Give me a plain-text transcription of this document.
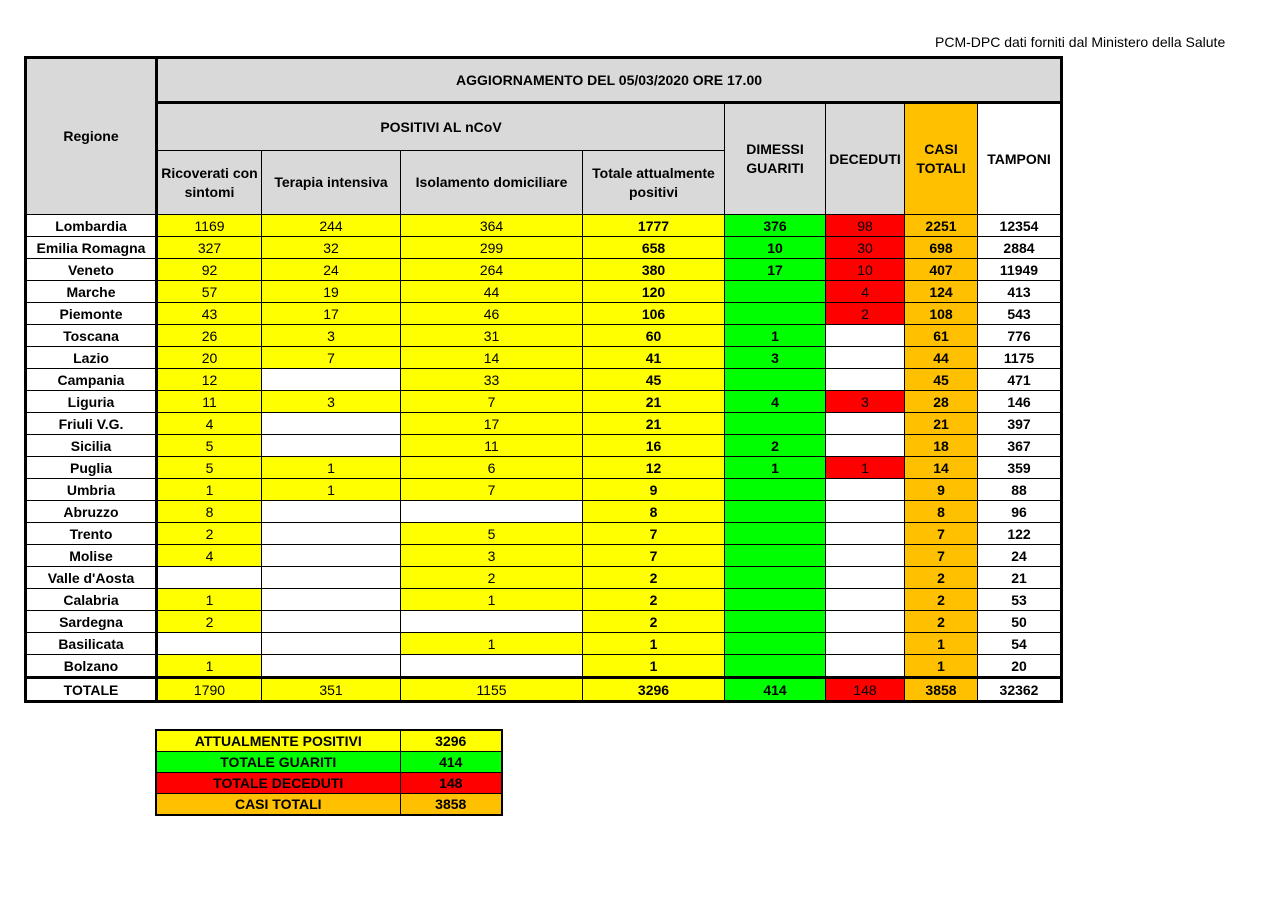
PCM-DPC dati forniti dal Ministero della Salute
Regione	AGGIORNAMENTO DEL 05/03/2020 ORE 17.00							
	POSITIVI AL nCoV				DIMESSI GUARITI	DECEDUTI	CASI TOTALI	TAMPONI
	Ricoverati con sintomi	Terapia intensiva	Isolamento domiciliare	Totale attualmente positivi				
Lombardia	1169	244	364	1777	376	98	2251	12354
Emilia Romagna	327	32	299	658	10	30	698	2884
Veneto	92	24	264	380	17	10	407	11949
Marche	57	19	44	120		4	124	413
Piemonte	43	17	46	106		2	108	543
Toscana	26	3	31	60	1		61	776
Lazio	20	7	14	41	3		44	1175
Campania	12		33	45			45	471
Liguria	11	3	7	21	4	3	28	146
Friuli V.G.	4		17	21			21	397
Sicilia	5		11	16	2		18	367
Puglia	5	1	6	12	1	1	14	359
Umbria	1	1	7	9			9	88
Abruzzo	8			8			8	96
Trento	2		5	7			7	122
Molise	4		3	7			7	24
Valle d'Aosta			2	2			2	21
Calabria	1		1	2			2	53
Sardegna	2			2			2	50
Basilicata			1	1			1	54
Bolzano	1			1			1	20
TOTALE	1790	351	1155	3296	414	148	3858	32362
ATTUALMENTE POSITIVI	3296
TOTALE GUARITI	414
TOTALE DECEDUTI	148
CASI TOTALI	3858
